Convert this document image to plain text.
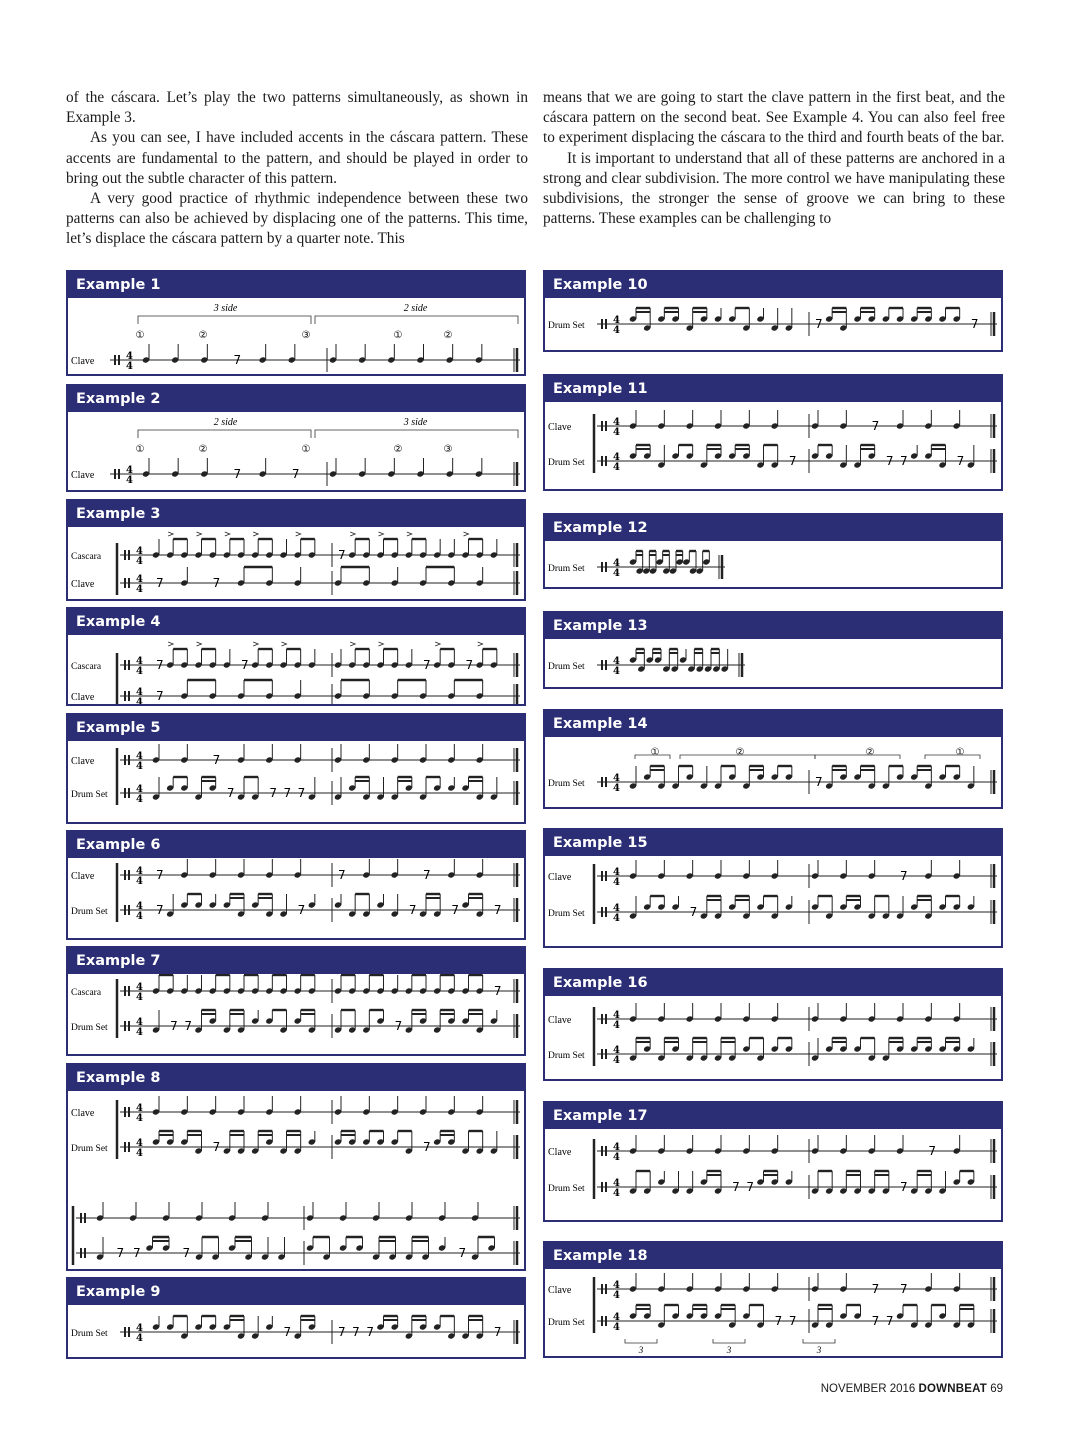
of the cáscara. Let’s play the two patterns simultaneously, as shown in Example 3.

As you can see, I have included accents in the cáscara pattern. These accents are fundamental to the pattern, and should be played in order to bring out the subtle character of this pattern.

A very good practice of rhythmic independence between these two patterns can also be achieved by displacing one of the patterns. This time, let’s displace the cáscara pattern by a quarter note. This

means that we are going to start the clave pattern in the first beat, and the cáscara pattern on the second beat. See Example 4. You can also feel free to experiment displacing the cáscara to the third and fourth beats of the bar.

It is important to understand that all of these patterns are anchored in a strong and clear subdivision. The more control we have manipulating these subdivisions, the stronger the sense of groove we can bring to these patterns. These examples can be challenging to

Example 1
3 side	2 side
①	②	③	①	②
Clave	4
4	7
Example 2
2 side	3 side
①	②	①	②	③
Clave	4
4	7	7
Example 3
Cascara	4
4	7
Clave	4
4 7	7
Example 4
Cascara	4
4 7	7	7	7
Clave	4
4 7
Example 5
Clave	4
4	7
Drum Set	4
4	7	7 7 7
Example 6
Clave	4
4 7	7	7
Drum Set	4
4 7	7	7	7	7
Example 7
Cascara	4
4	7
Drum Set	4
4 7 7	7
Example 8
Clave	4
4
Drum Set	4
4	7	7
7 7	7	7
Example 9
Drum Set	4
4	7	7 7 7	7
Example 10
Drum Set	4
4	7	7
Example 11
Clave	4
4	7
Drum Set	4
4	7	7 7	7
Example 12
Drum Set	4
4
Example 13
Drum Set	4
4
Example 14
①	②	②	①
Drum Set	4
4	7
Example 15
Clave	4
4	7
Drum Set	4
4	7
Example 16
Clave	4
4
Drum Set	4
4
Example 17
Clave	4
4	7
Drum Set	4
4	7 7	7
Example 18
Clave	4
4	7 7
Drum Set	4
4	7 7	7 7
3	3	3
NOVEMBER 2016 DOWNBEAT 69
